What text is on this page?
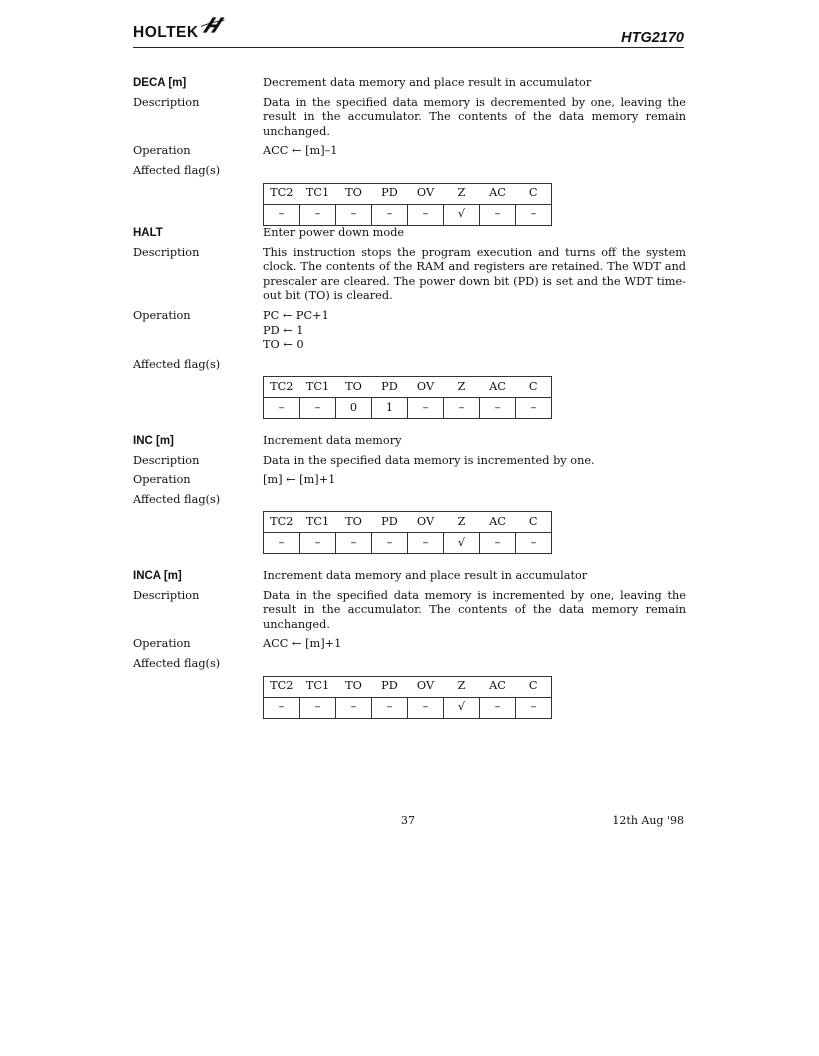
HOLTEK	HTG2170
DECA [m]	Decrement data memory and place result in accumulator
Description	Data in the specified data memory is decremented by one, leaving the result in the accumulator. The contents of the data memory remain unchanged.
Operation	ACC ← [m]–1
Affected flag(s)
TC2	TC1	TO	PD	OV	Z	AC	C
–	–	–	–	–	√	–	–
HALT	Enter power down mode
Description	This instruction stops the program execution and turns off the system clock. The contents of the RAM and registers are retained. The WDT and prescaler are cleared. The power down bit (PD) is set and the WDT time-out bit (TO) is cleared.
Operation	PC ← PC+1
PD ← 1
TO ← 0
Affected flag(s)
TC2	TC1	TO	PD	OV	Z	AC	C
–	–	0	1	–	–	–	–
INC [m]	Increment data memory
Description	Data in the specified data memory is incremented by one.
Operation	[m] ← [m]+1
Affected flag(s)
TC2	TC1	TO	PD	OV	Z	AC	C
–	–	–	–	–	√	–	–
INCA [m]	Increment data memory and place result in accumulator
Description	Data in the specified data memory is incremented by one, leaving the result in the accumulator. The contents of the data memory remain unchanged.
Operation	ACC ← [m]+1
Affected flag(s)
TC2	TC1	TO	PD	OV	Z	AC	C
–	–	–	–	–	√	–	–
37	12th Aug '98
